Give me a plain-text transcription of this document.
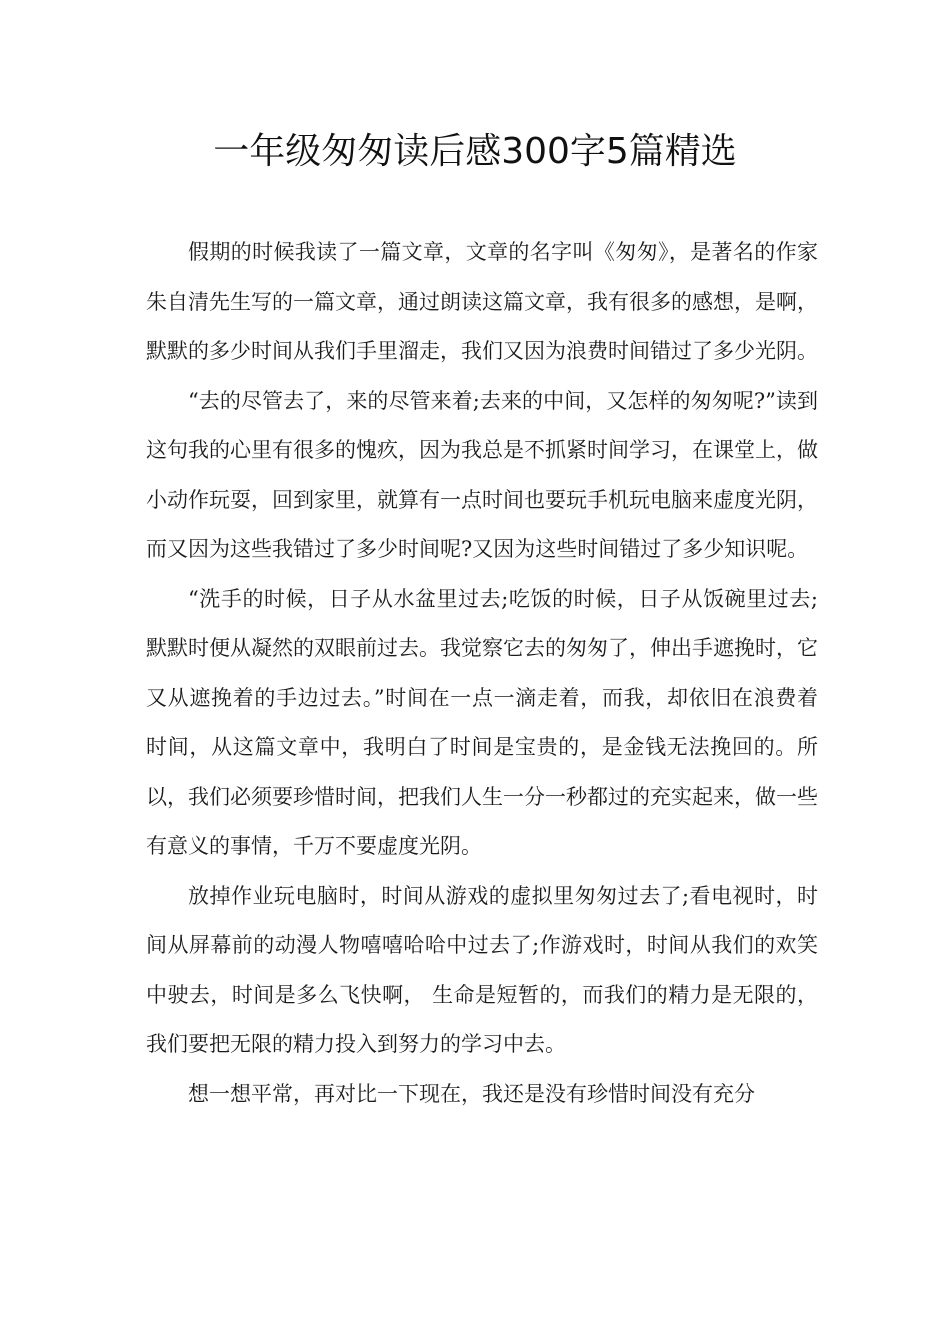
一年级匆匆读后感300字5篇精选

假期的时候我读了一篇文章，文章的名字叫《匆匆》，是著名的作家朱自清先生写的一篇文章，通过朗读这篇文章，我有很多的感想，是啊，默默的多少时间从我们手里溜走，我们又因为浪费时间错过了多少光阴。

“去的尽管去了，来的尽管来着;去来的中间，又怎样的匆匆呢?”读到这句我的心里有很多的愧疚，因为我总是不抓紧时间学习，在课堂上，做小动作玩耍，回到家里，就算有一点时间也要玩手机玩电脑来虚度光阴，而又因为这些我错过了多少时间呢?又因为这些时间错过了多少知识呢。

“洗手的时候，日子从水盆里过去;吃饭的时候，日子从饭碗里过去;默默时便从凝然的双眼前过去。我觉察它去的匆匆了，伸出手遮挽时，它又从遮挽着的手边过去。”时间在一点一滴走着，而我，却依旧在浪费着时间，从这篇文章中，我明白了时间是宝贵的，是金钱无法挽回的。所以，我们必须要珍惜时间，把我们人生一分一秒都过的充实起来，做一些有意义的事情，千万不要虚度光阴。

放掉作业玩电脑时，时间从游戏的虚拟里匆匆过去了;看电视时，时间从屏幕前的动漫人物嘻嘻哈哈中过去了;作游戏时，时间从我们的欢笑中驶去，时间是多么飞快啊， 生命是短暂的，而我们的精力是无限的，我们要把无限的精力投入到努力的学习中去。

想一想平常，再对比一下现在，我还是没有珍惜时间没有充分
